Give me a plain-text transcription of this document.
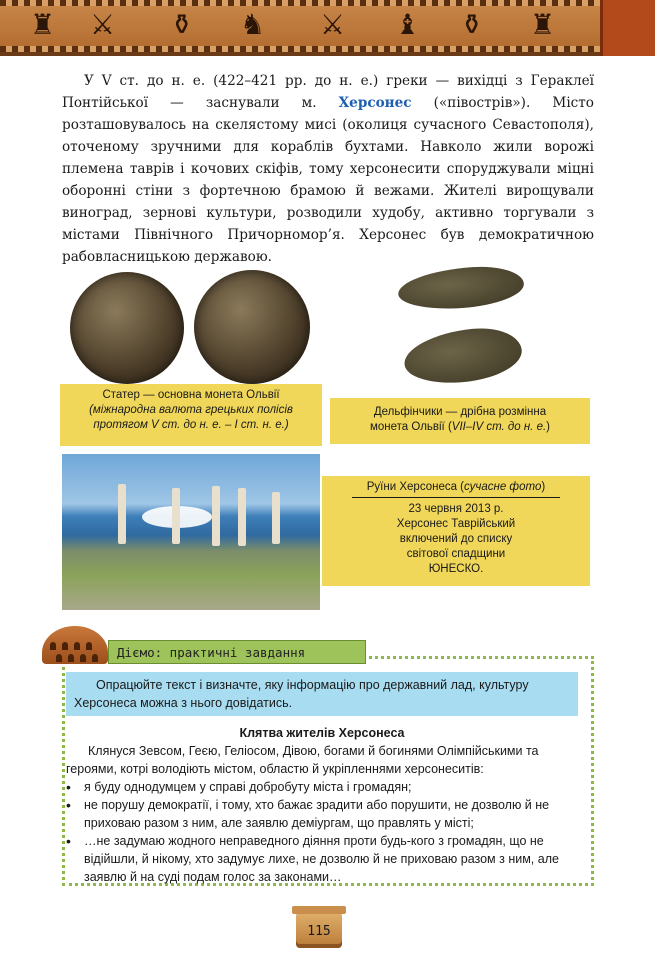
♜ ⚔ ⚱ ♞ ⚔ ♝ ⚱ ♜

У V ст. до н. е. (422–421 рр. до н. е.) греки — вихідці з Гераклеї Понтійської — заснували м. Херсонес («півострів»). Місто розташовувалось на скелястому мисі (околиця сучасного Севастополя), оточеному зручними для кораблів бухтами. Навколо жили ворожі племена таврів і кочових скіфів, тому херсонесити споруджували міцні оборонні стіни з фортечною брамою й вежами. Жителі вирощували виноград, зернові культури, розводили худобу, активно торгували з містами Північного Причорномор’я. Херсонес був демократичною рабовласницькою державою.

Статер — основна монета Ольвії
(міжнародна валюта грецьких полісів
протягом V ст. до н. е. – I ст. н. е.)
Дельфінчики — дрібна розмінна
монета Ольвії (VII–IV ст. до н. е.)
Руїни Херсонеса (сучасне фото)
23 червня 2013 р.
Херсонес Таврійський
включений до списку
світової спадщини
ЮНЕСКО.
Діємо: практичні завдання
Опрацюйте текст і визначте, яку інформацію про державний лад, культуру Херсонеса можна з нього довідатись.
Клятва жителів Херсонеса
Клянуся Зевсом, Геєю, Геліосом, Дівою, богами й богинями Олімпійськими та героями, котрі володіють містом, областю й укріпленнями херсонеситів:
• я буду однодумцем у справі добробуту міста і громадян;
• не порушу демократії, і тому, хто бажає зрадити або порушити, не дозволю й не приховаю разом з ним, але заявлю деміургам, що правлять у місті;
• …не задумаю жодного неправедного діяння проти будь-кого з громадян, що не відійшли, й нікому, хто задумує лихе, не дозволю й не приховаю разом з ним, але заявлю й на суді подам голос за законами…
115
